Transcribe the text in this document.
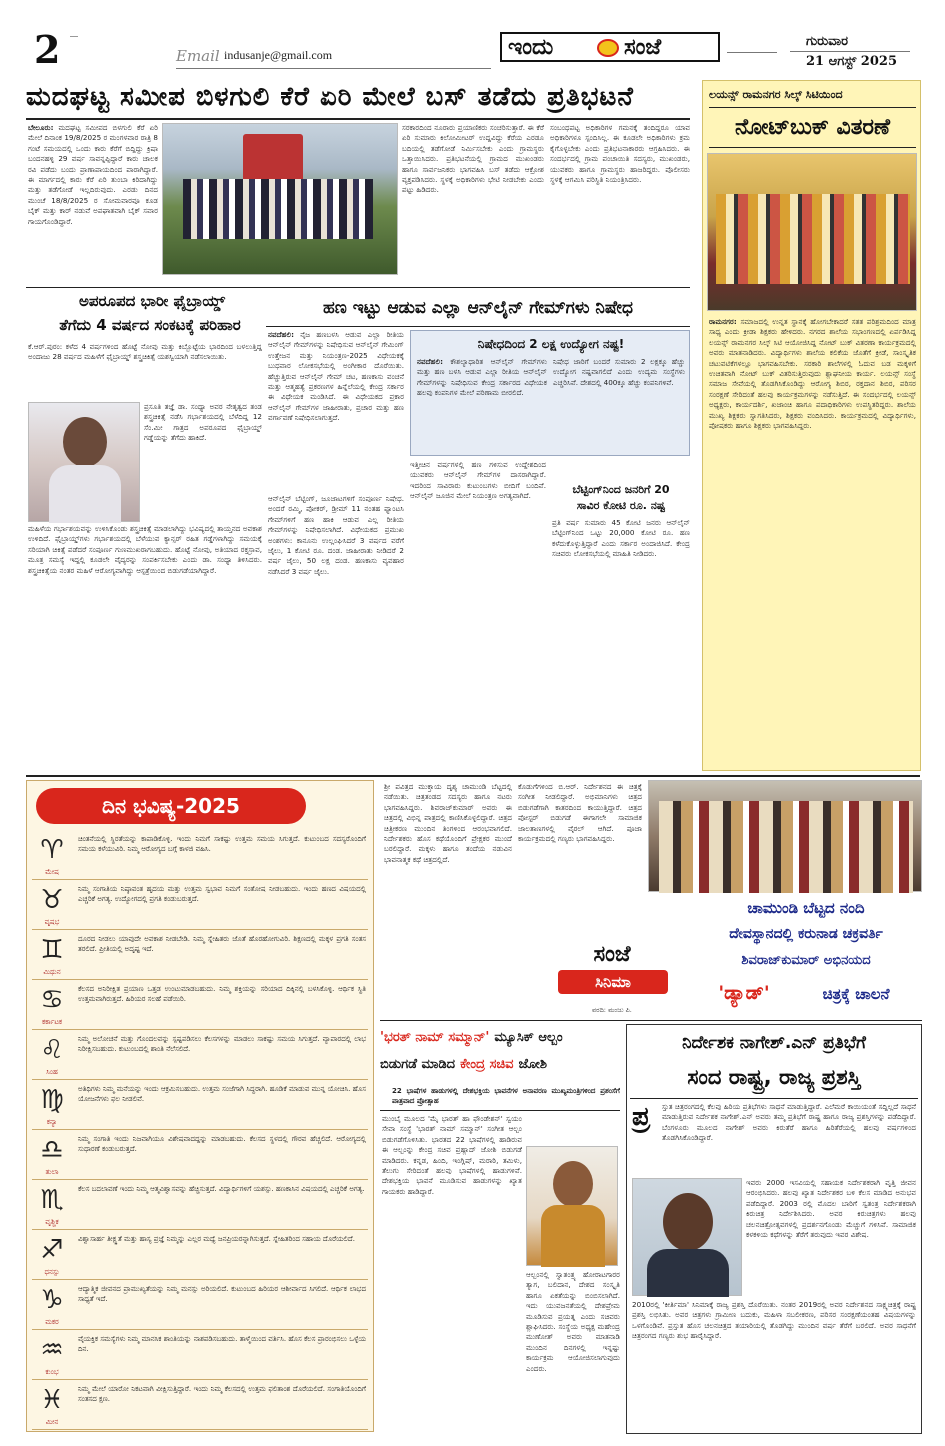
2	Email indusanje@gmail.com	ಇಂದು	ಸಂಜೆ	ಗುರುವಾರ
21 ಆಗಸ್ಟ್ 2025
ಮದಘಟ್ಟ ಸಮೀಪ ಬಿಳಗುಲಿ ಕೆರೆ ಏರಿ ಮೇಲೆ ಬಸ್ ತಡೆದು ಪ್ರತಿಭಟನೆ
ಬೇಲೂರು: ಮದಘಟ್ಟ ಸಮೀಪದ ಬಿಳಗುಲಿ ಕೆರೆ ಏರಿ ಮೇಲೆ ದಿನಾಂಕ 19/8/2025 ರ ಮಂಗಳವಾರ ರಾತ್ರಿ 8 ಗಂಟೆ ಸಮಯದಲ್ಲಿ ಒಂದು ಕಾರು ಕೆರೆಗೆ ಬಿದ್ದಿದ್ದು ಕ್ರಿಷಾ ಬಂದನಹಳ್ಳಿ 29 ವರ್ಷ ಸಾವನ್ನಪ್ಪಿದ್ದಾರೆ ಕಾರು ಚಾಲಕ ರವಿ ಪಡೆದು ಬಂದು ಪ್ರಾಣಾಪಾಯದಿಂದ ಪಾರಾಗಿದ್ದಾರೆ. ಈ ಮಾರ್ಗದಲ್ಲಿ ಕಾರು ಕೆರೆ ಏರಿ ತುಂಬಾ ಕಿರಿದಾಗಿದ್ದು ಮತ್ತು ತಡೆಗೋಡೆ ಇಲ್ಲದಿರುವುದು. ಎರಡು ದಿನದ ಮುಂಚೆ 18/8/2025 ರ ಸೋಮವಾರವೂ ಕೂಡ ಬೈಕ್ ಮತ್ತು ಕಾರ್ ನಡುವೆ ಅಪಘಾತವಾಗಿ ಬೈಕ್ ಸವಾರ ಗಾಯಗೊಂಡಿದ್ದಾರೆ.
ಸರಕಾರದಿಂದ ನೂರಾರು ಪ್ರಯಾಣಿಕರು ಸಂಚರಿಸುತ್ತಾರೆ. ಈ ಕೆರೆ ಏರಿ ಸುಮಾರು ಕಿಲೋಮೀಟರ್ ಉದ್ದವಿದ್ದು ಕೆರೆಯ ಎರಡೂ ಬದಿಯಲ್ಲಿ ತಡೆಗೋಡೆ ನಿರ್ಮಿಸಬೇಕು ಎಂದು ಗ್ರಾಮಸ್ಥರು ಒತ್ತಾಯಿಸಿದರು. ಪ್ರತಿಭಟನೆಯಲ್ಲಿ ಗ್ರಾಮದ ಮುಖಂಡರು ಹಾಗೂ ಸಾರ್ವಜನಿಕರು ಭಾಗವಹಿಸಿ ಬಸ್ ತಡೆದು ಆಕ್ರೋಶ ವ್ಯಕ್ತಪಡಿಸಿದರು. ಸ್ಥಳಕ್ಕೆ ಅಧಿಕಾರಿಗಳು ಭೇಟಿ ನೀಡಬೇಕು ಎಂದು ಪಟ್ಟು ಹಿಡಿದರು.
ಸಂಬಂಧಪಟ್ಟ ಅಧಿಕಾರಿಗಳ ಗಮನಕ್ಕೆ ತಂದಿದ್ದರೂ ಯಾವ ಅಧಿಕಾರಿಗಳೂ ಸ್ಪಂದಿಸಿಲ್ಲ. ಈ ಕೂಡಲೇ ಅಧಿಕಾರಿಗಳು ಕ್ರಮ ಕೈಗೊಳ್ಳಬೇಕು ಎಂದು ಪ್ರತಿಭಟನಾಕಾರರು ಆಗ್ರಹಿಸಿದರು. ಈ ಸಂದರ್ಭದಲ್ಲಿ ಗ್ರಾಮ ಪಂಚಾಯಿತಿ ಸದಸ್ಯರು, ಮುಖಂಡರು, ಯುವಕರು ಹಾಗೂ ಗ್ರಾಮಸ್ಥರು ಹಾಜರಿದ್ದರು. ಪೊಲೀಸರು ಸ್ಥಳಕ್ಕೆ ಆಗಮಿಸಿ ಪರಿಸ್ಥಿತಿ ನಿಯಂತ್ರಿಸಿದರು.
ಲಯನ್ಸ್ ರಾಮನಗರ ಸಿಲ್ಕ್ ಸಿಟಿಯಿಂದ
ನೋಟ್‌ಬುಕ್ ವಿತರಣೆ
ರಾಮನಗರ: ಸಮಾಜದಲ್ಲಿ ಉನ್ನತ ಸ್ಥಾನಕ್ಕೆ ಹೋಗಬೇಕಾದರೆ ಸತತ ಪರಿಶ್ರಮದಿಂದ ಮಾತ್ರ ಸಾಧ್ಯ ಎಂದು ಕ್ರೀಡಾ ಶಿಕ್ಷಕರು ಹೇಳಿದರು. ನಗರದ ಶಾಲೆಯ ಸಭಾಂಗಣದಲ್ಲಿ ಏರ್ಪಡಿಸಿದ್ದ ಲಯನ್ಸ್ ರಾಮನಗರ ಸಿಲ್ಕ್ ಸಿಟಿ ಆಯೋಜಿಸಿದ್ದ ನೋಟ್ ಬುಕ್ ವಿತರಣಾ ಕಾರ್ಯಕ್ರಮದಲ್ಲಿ ಅವರು ಮಾತನಾಡಿದರು. ವಿದ್ಯಾರ್ಥಿಗಳು ಶಾಲೆಯ ಕಲಿಕೆಯ ಜೊತೆಗೆ ಕ್ರೀಡೆ, ಸಾಂಸ್ಕೃತಿಕ ಚಟುವಟಿಕೆಗಳಲ್ಲೂ ಭಾಗವಹಿಸಬೇಕು. ಸರಕಾರಿ ಶಾಲೆಗಳಲ್ಲಿ ಓದುವ ಬಡ ಮಕ್ಕಳಿಗೆ ಉಚಿತವಾಗಿ ನೋಟ್ ಬುಕ್ ವಿತರಿಸುತ್ತಿರುವುದು ಶ್ಲಾಘನೀಯ ಕಾರ್ಯ. ಲಯನ್ಸ್ ಸಂಸ್ಥೆ ಸಮಾಜ ಸೇವೆಯಲ್ಲಿ ತೊಡಗಿಸಿಕೊಂಡಿದ್ದು ಆರೋಗ್ಯ ಶಿಬಿರ, ರಕ್ತದಾನ ಶಿಬಿರ, ಪರಿಸರ ಸಂರಕ್ಷಣೆ ಸೇರಿದಂತೆ ಹಲವು ಕಾರ್ಯಕ್ರಮಗಳನ್ನು ನಡೆಸುತ್ತಿದೆ. ಈ ಸಂದರ್ಭದಲ್ಲಿ ಲಯನ್ಸ್ ಅಧ್ಯಕ್ಷರು, ಕಾರ್ಯದರ್ಶಿ, ಖಜಾಂಚಿ ಹಾಗೂ ಪದಾಧಿಕಾರಿಗಳು ಉಪಸ್ಥಿತರಿದ್ದರು. ಶಾಲೆಯ ಮುಖ್ಯ ಶಿಕ್ಷಕರು ಸ್ವಾಗತಿಸಿದರು, ಶಿಕ್ಷಕರು ವಂದಿಸಿದರು. ಕಾರ್ಯಕ್ರಮದಲ್ಲಿ ವಿದ್ಯಾರ್ಥಿಗಳು, ಪೋಷಕರು ಹಾಗೂ ಶಿಕ್ಷಕರು ಭಾಗವಹಿಸಿದ್ದರು.
ಅಪರೂಪದ ಭಾರೀ ಫೈಬ್ರಾಯ್ಡ್
ತೆಗೆದು 4 ವರ್ಷದ ಸಂಕಟಕ್ಕೆ ಪರಿಹಾರ
ಕೆ.ಆರ್.ಪುರಂ: ಕಳೆದ 4 ವರ್ಷಗಳಿಂದ ಹೊಟ್ಟೆ ನೋವು ಮತ್ತು ಕಿಬ್ಬೊಟ್ಟೆಯ ಭಾರದಿಂದ ಬಳಲುತ್ತಿದ್ದ ಅಂದಾಜು 28 ವರ್ಷದ ಮಹಿಳೆಗೆ ಫೈಬ್ರಾಯ್ಡ್ ಶಸ್ತ್ರಚಿಕಿತ್ಸೆ ಯಶಸ್ವಿಯಾಗಿ ನಡೆಸಲಾಯಿತು.
ಪ್ರಸೂತಿ ತಜ್ಞೆ ಡಾ. ಸಂಧ್ಯಾ ಅವರ ನೇತೃತ್ವದ ತಂಡ ಶಸ್ತ್ರಚಿಕಿತ್ಸೆ ನಡೆಸಿ ಗರ್ಭಾಶಯದಲ್ಲಿ ಬೆಳೆದಿದ್ದ 12 ಸೆಂ.ಮೀ ಗಾತ್ರದ ಅಪರೂಪದ ಫೈಬ್ರಾಯ್ಡ್ ಗಡ್ಡೆಯನ್ನು ತೆಗೆದು ಹಾಕಿದೆ.
ಮಹಿಳೆಯ ಗರ್ಭಾಶಯವನ್ನು ಉಳಿಸಿಕೊಂಡು ಶಸ್ತ್ರಚಿಕಿತ್ಸೆ ಮಾಡಲಾಗಿದ್ದು ಭವಿಷ್ಯದಲ್ಲಿ ತಾಯ್ತನದ ಅವಕಾಶ ಉಳಿದಿದೆ. ಫೈಬ್ರಾಯ್ಡ್‌ಗಳು ಗರ್ಭಾಶಯದಲ್ಲಿ ಬೆಳೆಯುವ ಕ್ಯಾನ್ಸರ್ ರಹಿತ ಗಡ್ಡೆಗಳಾಗಿದ್ದು ಸಮಯಕ್ಕೆ ಸರಿಯಾಗಿ ಚಿಕಿತ್ಸೆ ಪಡೆದರೆ ಸಂಪೂರ್ಣ ಗುಣಮುಖರಾಗಬಹುದು. ಹೊಟ್ಟೆ ನೋವು, ಅತಿಯಾದ ರಕ್ತಸ್ರಾವ, ಮೂತ್ರ ಸಮಸ್ಯೆ ಇದ್ದಲ್ಲಿ ಕೂಡಲೇ ವೈದ್ಯರನ್ನು ಸಂಪರ್ಕಿಸಬೇಕು ಎಂದು ಡಾ. ಸಂಧ್ಯಾ ತಿಳಿಸಿದರು. ಶಸ್ತ್ರಚಿಕಿತ್ಸೆಯ ನಂತರ ಮಹಿಳೆ ಆರೋಗ್ಯವಾಗಿದ್ದು ಆಸ್ಪತ್ರೆಯಿಂದ ಬಿಡುಗಡೆಯಾಗಿದ್ದಾರೆ.
ಹಣ ಇಟ್ಟು ಆಡುವ ಎಲ್ಲಾ ಆನ್‌ಲೈನ್ ಗೇಮ್‌ಗಳು ನಿಷೇಧ
ನವದೆಹಲಿ: ನೈಜ ಹಣಬಳಸಿ ಆಡುವ ಎಲ್ಲಾ ರೀತಿಯ ಆನ್‌ಲೈನ್ ಗೇಮ್‌ಗಳನ್ನು ನಿಷೇಧಿಸುವ ಆನ್‌ಲೈನ್ ಗೇಮಿಂಗ್ ಉತ್ತೇಜನ ಮತ್ತು ನಿಯಂತ್ರಣ-2025 ವಿಧೇಯಕಕ್ಕೆ ಬುಧವಾರ ಲೋಕಸಭೆಯಲ್ಲಿ ಅಂಗೀಕಾರ ದೊರೆಯಿತು. ಹೆಚ್ಚುತ್ತಿರುವ ಆನ್‌ಲೈನ್ ಗೇಮ್ ಚಟ, ಹಣಕಾಸು ವಂಚನೆ ಮತ್ತು ಆತ್ಮಹತ್ಯೆ ಪ್ರಕರಣಗಳ ಹಿನ್ನೆಲೆಯಲ್ಲಿ ಕೇಂದ್ರ ಸರ್ಕಾರ ಈ ವಿಧೇಯಕ ಮಂಡಿಸಿದೆ. ಈ ವಿಧೇಯಕದ ಪ್ರಕಾರ ಆನ್‌ಲೈನ್ ಗೇಮ್‌ಗಳ ಜಾಹೀರಾತು, ಪ್ರಚಾರ ಮತ್ತು ಹಣ ವರ್ಗಾವಣೆ ನಿಷೇಧಿಸಲಾಗುತ್ತದೆ.
ನಿಷೇಧದಿಂದ 2 ಲಕ್ಷ ಉದ್ಯೋಗ ನಷ್ಟ!
ನವದೆಹಲಿ: ಕೌಶಲ್ಯಾಧಾರಿತ ಆನ್‌ಲೈನ್ ಗೇಮ್‌ಗಳು ಮತ್ತು ಹಣ ಬಳಸಿ ಆಡುವ ಎಲ್ಲಾ ರೀತಿಯ ಆನ್‌ಲೈನ್ ಗೇಮ್‌ಗಳನ್ನು ನಿಷೇಧಿಸುವ ಕೇಂದ್ರ ಸರ್ಕಾರದ ವಿಧೇಯಕ ಹಲವು ಕಂಪನಿಗಳ ಮೇಲೆ ಪರಿಣಾಮ ಬೀರಲಿದೆ.
ನಿಷೇಧ ಜಾರಿಗೆ ಬಂದರೆ ಸುಮಾರು 2 ಲಕ್ಷಕ್ಕೂ ಹೆಚ್ಚು ಉದ್ಯೋಗ ನಷ್ಟವಾಗಲಿದೆ ಎಂದು ಉದ್ಯಮ ಸಂಸ್ಥೆಗಳು ಎಚ್ಚರಿಸಿವೆ. ದೇಶದಲ್ಲಿ 400ಕ್ಕೂ ಹೆಚ್ಚು ಕಂಪನಿಗಳಿವೆ.
ಇತ್ತೀಚಿನ ವರ್ಷಗಳಲ್ಲಿ ಹಣ ಗಳಿಸುವ ಉದ್ದೇಶದಿಂದ ಯುವಕರು ಆನ್‌ಲೈನ್ ಗೇಮ್‌ಗಳ ದಾಸರಾಗಿದ್ದಾರೆ. ಇದರಿಂದ ಸಾವಿರಾರು ಕುಟುಂಬಗಳು ಬೀದಿಗೆ ಬಂದಿವೆ. ಆನ್‌ಲೈನ್ ಜೂಜಿನ ಮೇಲೆ ನಿಯಂತ್ರಣ ಅಗತ್ಯವಾಗಿದೆ.	ಬೆಟ್ಟಿಂಗ್‌ನಿಂದ ಜನರಿಗೆ 20
ಸಾವಿರ ಕೋಟಿ ರೂ. ನಷ್ಟ
ಪ್ರತಿ ವರ್ಷ ಸುಮಾರು 45 ಕೋಟಿ ಜನರು ಆನ್‌ಲೈನ್ ಬೆಟ್ಟಿಂಗ್‌ನಿಂದ ಒಟ್ಟು 20,000 ಕೋಟಿ ರೂ. ಹಣ ಕಳೆದುಕೊಳ್ಳುತ್ತಿದ್ದಾರೆ ಎಂದು ಸರ್ಕಾರ ಅಂದಾಜಿಸಿದೆ. ಕೇಂದ್ರ ಸಚಿವರು ಲೋಕಸಭೆಯಲ್ಲಿ ಮಾಹಿತಿ ನೀಡಿದರು.
ಆನ್‌ಲೈನ್ ಬೆಟ್ಟಿಂಗ್, ಜೂಜಾಟಗಳಿಗೆ ಸಂಪೂರ್ಣ ನಿಷೇಧ. ಅಂದರೆ ರಮ್ಮಿ, ಪೋಕರ್, ಡ್ರೀಮ್ 11 ನಂತಹ ಫ್ಯಾಂಟಸಿ ಗೇಮ್‌ಗಳಿಗೆ ಹಣ ಹಾಕಿ ಆಡುವ ಎಲ್ಲ ರೀತಿಯ ಗೇಮ್‌ಗಳನ್ನು ನಿಷೇಧಿಸಲಾಗಿದೆ. ವಿಧೇಯಕದ ಪ್ರಮುಖ ಅಂಶಗಳು: ಕಾನೂನು ಉಲ್ಲಂಘಿಸಿದರೆ 3 ವರ್ಷದ ವರೆಗೆ ಜೈಲು, 1 ಕೋಟಿ ರೂ. ದಂಡ. ಜಾಹೀರಾತು ನೀಡಿದರೆ 2 ವರ್ಷ ಜೈಲು, 50 ಲಕ್ಷ ದಂಡ. ಹಣಕಾಸು ವ್ಯವಹಾರ ನಡೆಸಿದರೆ 3 ವರ್ಷ ಜೈಲು.
ದಿನ ಭವಿಷ್ಯ-2025
♈
ಮೇಷ
ಚಿಂತನೆಯಲ್ಲಿ ಸ್ಥಿರತೆಯನ್ನು ಕಾಪಾಡಿಕೊಳ್ಳಿ. ಇಂದು ನಿಮಗೆ ಸಾಕಷ್ಟು ಉತ್ತಮ ಸಮಯ ಸಿಗುತ್ತದೆ. ಕುಟುಂಬದ ಸದಸ್ಯರೊಂದಿಗೆ ಸಮಯ ಕಳೆಯುವಿರಿ. ನಿಮ್ಮ ಆರೋಗ್ಯದ ಬಗ್ಗೆ ಕಾಳಜಿ ವಹಿಸಿ.
♉
ವೃಷಭ
ನಿಮ್ಮ ಸಂಗಾತಿಯ ನಿಷ್ಠಾವಂತ ಹೃದಯ ಮತ್ತು ಉತ್ತಮ ಸ್ವಭಾವ ನಿಮಗೆ ಸಂತೋಷ ನೀಡಬಹುದು. ಇಂದು ಹಣದ ವಿಷಯದಲ್ಲಿ ಎಚ್ಚರಿಕೆ ಅಗತ್ಯ. ಉದ್ಯೋಗದಲ್ಲಿ ಪ್ರಗತಿ ಕಂಡುಬರುತ್ತದೆ.
♊
ಮಿಥುನ
ದೂರದ ನೀಡಲು ಯಾವುದೇ ಅವಕಾಶ ನೀಡಬೇಡಿ. ನಿಮ್ಮ ಸ್ನೇಹಿತರು ಜೊತೆ ಹೊರಹೋಗುವಿರಿ. ಶಿಕ್ಷಣದಲ್ಲಿ ಮಕ್ಕಳ ಪ್ರಗತಿ ಸಂತಸ ತರಲಿದೆ. ಪ್ರೀತಿಯಲ್ಲಿ ಅದೃಷ್ಟ ಇದೆ.
♋
ಕರ್ಕಾಟಕ
ಕೆಲಸದ ಅನಿರೀಕ್ಷಿತ ಪ್ರಯಾಣ ಒತ್ತಡ ಉಂಟುಮಾಡಬಹುದು. ನಿಮ್ಮ ಶಕ್ತಿಯನ್ನು ಸರಿಯಾದ ದಿಕ್ಕಿನಲ್ಲಿ ಬಳಸಿಕೊಳ್ಳಿ. ಆರ್ಥಿಕ ಸ್ಥಿತಿ ಉತ್ತಮವಾಗಿರುತ್ತದೆ. ಹಿರಿಯರ ಸಲಹೆ ಪಡೆಯಿರಿ.
♌
ಸಿಂಹ
ನಿಮ್ಮ ಅಲೋಚನೆ ಮತ್ತು ಗೊಂದಲವನ್ನು ಸ್ಪಷ್ಟಪಡಿಸಲು ಕೆಲಸಗಳನ್ನು ಮಾಡಲು ಸಾಕಷ್ಟು ಸಮಯ ಸಿಗುತ್ತದೆ. ವ್ಯಾಪಾರದಲ್ಲಿ ಲಾಭ ನಿರೀಕ್ಷಿಸಬಹುದು. ಕುಟುಂಬದಲ್ಲಿ ಶಾಂತಿ ನೆಲೆಸಲಿದೆ.
♍
ಕನ್ಯಾ
ಅತಿಥಿಗಳು ನಿಮ್ಮ ಮನೆಯನ್ನು ಇಂದು ಆಕ್ರಮಿಸಬಹುದು. ಉತ್ತಮ ಸಂಜೆಗಾಗಿ ಸಿದ್ಧರಾಗಿ. ಹೂಡಿಕೆ ಮಾಡುವ ಮುನ್ನ ಯೋಚಿಸಿ. ಹೊಸ ಯೋಜನೆಗಳು ಫಲ ನೀಡಲಿವೆ.
♎
ತುಲಾ
ನಿಮ್ಮ ಸಂಗಾತಿ ಇಂದು ನಿಜವಾಗಿಯೂ ವಿಶೇಷವಾದದ್ದನ್ನು ಮಾಡಬಹುದು. ಕೆಲಸದ ಸ್ಥಳದಲ್ಲಿ ಗೌರವ ಹೆಚ್ಚಲಿದೆ. ಆರೋಗ್ಯದಲ್ಲಿ ಸುಧಾರಣೆ ಕಂಡುಬರುತ್ತದೆ.
♏
ವೃಶ್ಚಿಕ
ಕೆಲಸ ಬದಲಾವಣೆ ಇಂದು ನಿಮ್ಮ ಆತ್ಮವಿಶ್ವಾಸವನ್ನು ಹೆಚ್ಚಿಸುತ್ತದೆ. ವಿದ್ಯಾರ್ಥಿಗಳಿಗೆ ಯಶಸ್ಸು. ಹಣಕಾಸಿನ ವಿಷಯದಲ್ಲಿ ಎಚ್ಚರಿಕೆ ಅಗತ್ಯ.
♐
ಧನಸ್ಸು
ವಿಶ್ವಾಸಾರ್ಹ ತೀಕ್ಷ್ಣತೆ ಮತ್ತು ಹಾಸ್ಯ ಪ್ರಜ್ಞೆ ನಿಮ್ಮನ್ನು ಎಲ್ಲರ ಮಧ್ಯೆ ಜನಪ್ರಿಯರನ್ನಾಗಿಸುತ್ತದೆ. ಸ್ನೇಹಿತರಿಂದ ಸಹಾಯ ದೊರೆಯಲಿದೆ.
♑
ಮಕರ
ಆದ್ಯಾತ್ಮಿಕ ಜೀವನದ ಪ್ರಾಮುಖ್ಯತೆಯನ್ನು ನಿಮ್ಮ ಮನಸ್ಸು ಅರಿಯಲಿದೆ. ಕುಟುಂಬದ ಹಿರಿಯರ ಆಶೀರ್ವಾದ ಸಿಗಲಿದೆ. ಆರ್ಥಿಕ ಲಾಭದ ಸಾಧ್ಯತೆ ಇದೆ.
♒
ಕುಂಭ
ವೈಯಕ್ತಿಕ ಸಮಸ್ಯೆಗಳು ನಿಮ್ಮ ಮಾನಸಿಕ ಶಾಂತಿಯನ್ನು ನಾಶಪಡಿಸಬಹುದು. ತಾಳ್ಮೆಯಿಂದ ವರ್ತಿಸಿ. ಹೊಸ ಕೆಲಸ ಪ್ರಾರಂಭಿಸಲು ಒಳ್ಳೆಯ ದಿನ.
♓
ಮೀನ
ನಿಮ್ಮ ಮೇಲೆ ಯಾರೋ ನಿಕಟವಾಗಿ ವೀಕ್ಷಿಸುತ್ತಿದ್ದಾರೆ. ಇಂದು ನಿಮ್ಮ ಕೆಲಸದಲ್ಲಿ ಉತ್ತಮ ಫಲಿತಾಂಶ ದೊರೆಯಲಿದೆ. ಸಂಗಾತಿಯೊಂದಿಗೆ ಸಂತಸದ ಕ್ಷಣ.
ಶ್ರೀ ಪವಿತ್ರದ ಮುಕ್ತಾಯ ದೃಶ್ಯ ಚಾಮುಂಡಿ ಬೆಟ್ಟದಲ್ಲಿ ನಡೆಯಿತು. ಚಿತ್ರತಂಡದ ಸದಸ್ಯರು ಹಾಗೂ ನಟರು ಭಾಗವಹಿಸಿದ್ದರು. ಶಿವರಾಜ್‌ಕುಮಾರ್ ಅವರು ಈ ಚಿತ್ರದಲ್ಲಿ ವಿಭಿನ್ನ ಪಾತ್ರದಲ್ಲಿ ಕಾಣಿಸಿಕೊಳ್ಳಲಿದ್ದಾರೆ. ಚಿತ್ರದ ಚಿತ್ರೀಕರಣ ಮುಂದಿನ ತಿಂಗಳಿಂದ ಆರಂಭವಾಗಲಿದೆ. ನಿರ್ದೇಶಕರು ಹೊಸ ಕಥೆಯೊಂದಿಗೆ ಪ್ರೇಕ್ಷಕರ ಮುಂದೆ ಬರಲಿದ್ದಾರೆ. ಮಕ್ಕಳು ಹಾಗೂ ತಂದೆಯ ನಡುವಿನ ಭಾವನಾತ್ಮಕ ಕಥೆ ಚಿತ್ರದಲ್ಲಿದೆ.
ಕೊಡುಗೆಗಳಿಂದ ಬಿ.ಆರ್. ನಿರ್ದೇಶನದ ಈ ಚಿತ್ರಕ್ಕೆ ಸಂಗೀತ ನೀಡಲಿದ್ದಾರೆ. ಅಭಿಮಾನಿಗಳು ಚಿತ್ರದ ಬಿಡುಗಡೆಗಾಗಿ ಕಾತರದಿಂದ ಕಾಯುತ್ತಿದ್ದಾರೆ. ಚಿತ್ರದ ಪೋಸ್ಟರ್ ಬಿಡುಗಡೆ ಈಗಾಗಲೇ ಸಾಮಾಜಿಕ ಜಾಲತಾಣಗಳಲ್ಲಿ ವೈರಲ್ ಆಗಿದೆ. ಪೂಜಾ ಕಾರ್ಯಕ್ರಮದಲ್ಲಿ ಗಣ್ಯರು ಭಾಗವಹಿಸಿದ್ದರು.
ಸಂಜೆ
ಸಿನಿಮಾ
ವರದಿ: ಮಂಜು ಪಿ.
ಚಾಮುಂಡಿ ಬೆಟ್ಟದ ನಂದಿ
ದೇವಸ್ಥಾನದಲ್ಲಿ ಕರುನಾಡ ಚಕ್ರವರ್ತಿ
ಶಿವರಾಜ್‌ಕುಮಾರ್ ಅಭಿನಯದ
'ಡ್ಯಾಡ್'	ಚಿತ್ರಕ್ಕೆ ಚಾಲನೆ
'ಭರತ್ ನಾಮ್ ಸಮ್ಮಾನ್' ಮ್ಯೂಸಿಕ್ ಆಲ್ಬಂ
ಬಿಡುಗಡೆ ಮಾಡಿದ ಕೇಂದ್ರ ಸಚಿವ ಜೋಶಿ
22 ಭಾಷೆಗಳ ಹಾಡುಗಳಲ್ಲಿ ದೇಶಭಕ್ತಿಯ ಭಾವನೆಗಳ ಅನಾವರಣ ಮುಖ್ಯಮಂತ್ರಿಗಳಿಂದ ಪ್ರಶಂಸೆಗೆ ಪಾತ್ರವಾದ ಪ್ರೋತ್ಸಾಹ
ಮುಂಬೈ ಮೂಲದ 'ಮೈ ಭಾರತ್ ಹಾ ಫೌಂಡೇಶನ್' ಸ್ವಯಂ ಸೇವಾ ಸಂಸ್ಥೆ 'ಭಾರತ್ ನಾಮ್ ಸಮ್ಮಾನ್' ಸಂಗೀತ ಆಲ್ಬಂ ಬಿಡುಗಡೆಗೊಳಿಸಿತು. ಭಾರತದ 22 ಭಾಷೆಗಳಲ್ಲಿ ಹಾಡಿರುವ ಈ ಆಲ್ಬಂನ್ನು ಕೇಂದ್ರ ಸಚಿವ ಪ್ರಹ್ಲಾದ್ ಜೋಶಿ ಬಿಡುಗಡೆ ಮಾಡಿದರು. ಕನ್ನಡ, ಹಿಂದಿ, ಇಂಗ್ಲಿಷ್, ಮರಾಠಿ, ತಮಿಳು, ತೆಲುಗು ಸೇರಿದಂತೆ ಹಲವು ಭಾಷೆಗಳಲ್ಲಿ ಹಾಡುಗಳಿವೆ. ದೇಶಭಕ್ತಿಯ ಭಾವನೆ ಮೂಡಿಸುವ ಹಾಡುಗಳನ್ನು ಖ್ಯಾತ ಗಾಯಕರು ಹಾಡಿದ್ದಾರೆ.
ಆಲ್ಬಂನಲ್ಲಿ ಸ್ವಾತಂತ್ರ್ಯ ಹೋರಾಟಗಾರರ ತ್ಯಾಗ, ಬಲಿದಾನ, ದೇಶದ ಸಂಸ್ಕೃತಿ ಹಾಗೂ ಏಕತೆಯನ್ನು ಬಿಂಬಿಸಲಾಗಿದೆ. ಇದು ಯುವಜನತೆಯಲ್ಲಿ ದೇಶಪ್ರೇಮ ಮೂಡಿಸುವ ಪ್ರಯತ್ನ ಎಂದು ಸಚಿವರು ಶ್ಲಾಘಿಸಿದರು. ಸಂಸ್ಥೆಯ ಅಧ್ಯಕ್ಷ ಮಹೇಂದ್ರ ಮುಣೋತ್ ಅವರು ಮಾತನಾಡಿ ಮುಂದಿನ ದಿನಗಳಲ್ಲಿ ಇನ್ನಷ್ಟು ಕಾರ್ಯಕ್ರಮ ಆಯೋಜಿಸಲಾಗುವುದು ಎಂದರು.
ನಿರ್ದೇಶಕ ನಾಗೇಶ್.ಎನ್ ಪ್ರತಿಭೆಗೆ
ಸಂದ ರಾಷ್ಟ್ರ, ರಾಜ್ಯ ಪ್ರಶಸ್ತಿ
ಪ್ರ ಸ್ತುತ ಚಿತ್ರರಂಗದಲ್ಲಿ ಕೆಲವು ಹಿರಿಯ ಪ್ರತಿಭೆಗಳು ಸಾಧನೆ ಮಾಡುತ್ತಿದ್ದಾರೆ. ಎಲೆಮರೆ ಕಾಯಿಯಂತೆ ಸದ್ದಿಲ್ಲದೆ ಸಾಧನೆ ಮಾಡುತ್ತಿರುವ ನಿರ್ದೇಶಕ ನಾಗೇಶ್.ಎನ್ ಅವರು ತಮ್ಮ ಪ್ರತಿಭೆಗೆ ರಾಷ್ಟ್ರ ಹಾಗೂ ರಾಜ್ಯ ಪ್ರಶಸ್ತಿಗಳನ್ನು ಪಡೆದಿದ್ದಾರೆ. ಬೆಂಗಳೂರು ಮೂಲದ ನಾಗೇಶ್ ಅವರು ಕಿರುತೆರೆ ಹಾಗೂ ಹಿರಿತೆರೆಯಲ್ಲಿ ಹಲವು ವರ್ಷಗಳಿಂದ ತೊಡಗಿಸಿಕೊಂಡಿದ್ದಾರೆ.
ಇವರು 2000 ಇಸವಿಯಲ್ಲಿ ಸಹಾಯಕ ನಿರ್ದೇಶಕರಾಗಿ ವೃತ್ತಿ ಜೀವನ ಆರಂಭಿಸಿದರು. ಹಲವು ಖ್ಯಾತ ನಿರ್ದೇಶಕರ ಬಳಿ ಕೆಲಸ ಮಾಡಿದ ಅನುಭವ ಪಡೆದಿದ್ದಾರೆ. 2003 ರಲ್ಲಿ ಮೊದಲ ಬಾರಿಗೆ ಸ್ವತಂತ್ರ ನಿರ್ದೇಶಕರಾಗಿ ಕಿರುಚಿತ್ರ ನಿರ್ದೇಶಿಸಿದರು. ಅವರ ಕಿರುಚಿತ್ರಗಳು ಹಲವು ಚಲನಚಿತ್ರೋತ್ಸವಗಳಲ್ಲಿ ಪ್ರದರ್ಶನಗೊಂಡು ಮೆಚ್ಚುಗೆ ಗಳಿಸಿವೆ. ಸಾಮಾಜಿಕ ಕಳಕಳಿಯ ಕಥೆಗಳನ್ನು ತೆರೆಗೆ ತರುವುದು ಇವರ ವಿಶೇಷ.
2010ರಲ್ಲಿ 'ಕೀರ್ತಿಮಾ' ಸಿನಿಮಾಕ್ಕೆ ರಾಜ್ಯ ಪ್ರಶಸ್ತಿ ದೊರೆಯಿತು. ನಂತರ 2019ರಲ್ಲಿ ಅವರ ನಿರ್ದೇಶನದ ಸಾಕ್ಷ್ಯಚಿತ್ರಕ್ಕೆ ರಾಷ್ಟ್ರ ಪ್ರಶಸ್ತಿ ಲಭಿಸಿತು. ಅವರ ಚಿತ್ರಗಳು ಗ್ರಾಮೀಣ ಬದುಕು, ಮಹಿಳಾ ಸಬಲೀಕರಣ, ಪರಿಸರ ಸಂರಕ್ಷಣೆಯಂತಹ ವಿಷಯಗಳನ್ನು ಒಳಗೊಂಡಿವೆ. ಪ್ರಸ್ತುತ ಹೊಸ ಚಲನಚಿತ್ರದ ತಯಾರಿಯಲ್ಲಿ ತೊಡಗಿದ್ದು ಮುಂದಿನ ವರ್ಷ ತೆರೆಗೆ ಬರಲಿದೆ. ಅವರ ಸಾಧನೆಗೆ ಚಿತ್ರರಂಗದ ಗಣ್ಯರು ಶುಭ ಹಾರೈಸಿದ್ದಾರೆ.
